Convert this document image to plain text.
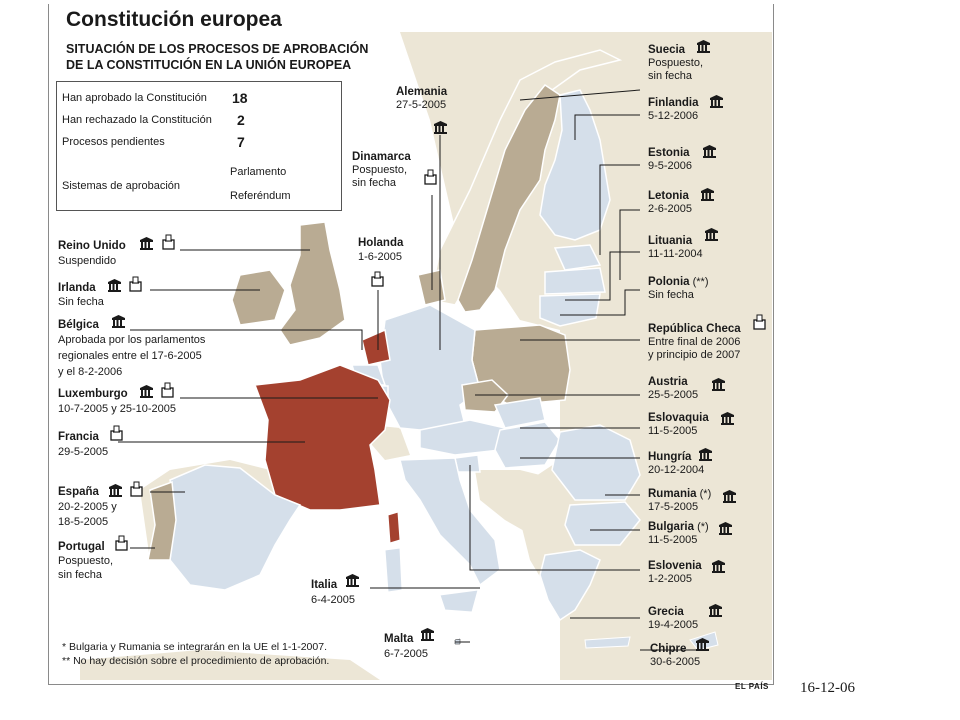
Constitución europea
SITUACIÓN DE LOS PROCESOS DE APROBACIÓN
DE LA CONSTITUCIÓN EN LA UNIÓN EUROPEA
Han aprobado la Constitución 18
Han rechazado la Constitución 2
Procesos pendientes	7
Sistemas de aprobación
Parlamento
Referéndum
Suecia
Pospuesto,
sin fecha
Finlandia
5-12-2006
Estonia
9-5-2006
Letonia
2-6-2005
Lituania
11-11-2004
Polonia (**)
Sin fecha
República Checa
Entre final de 2006
y principio de 2007
Austria
25-5-2005
Eslovaquia
11-5-2005
Hungría
20-12-2004
Rumania (*)
17-5-2005
Bulgaria (*)
11-5-2005
Eslovenia
1-2-2005
Grecia
19-4-2005
Chipre
30-6-2005
Alemania
27-5-2005
Dinamarca
Pospuesto,
sin fecha
Holanda
1-6-2005
Reino Unido
Suspendido
Irlanda
Sin fecha
Bélgica
Aprobada por los parlamentos
regionales entre el 17-6-2005
y el 8-2-2006
Luxemburgo
10-7-2005 y 25-10-2005
Francia
29-5-2005
España
20-2-2005 y
18-5-2005
Portugal
Pospuesto,
sin fecha
Italia
6-4-2005
Malta
6-7-2005
* Bulgaria y Rumania se integrarán en la UE el 1-1-2007.
** No hay decisión sobre el procedimiento de aprobación.
EL PAÍS 16-12-06
